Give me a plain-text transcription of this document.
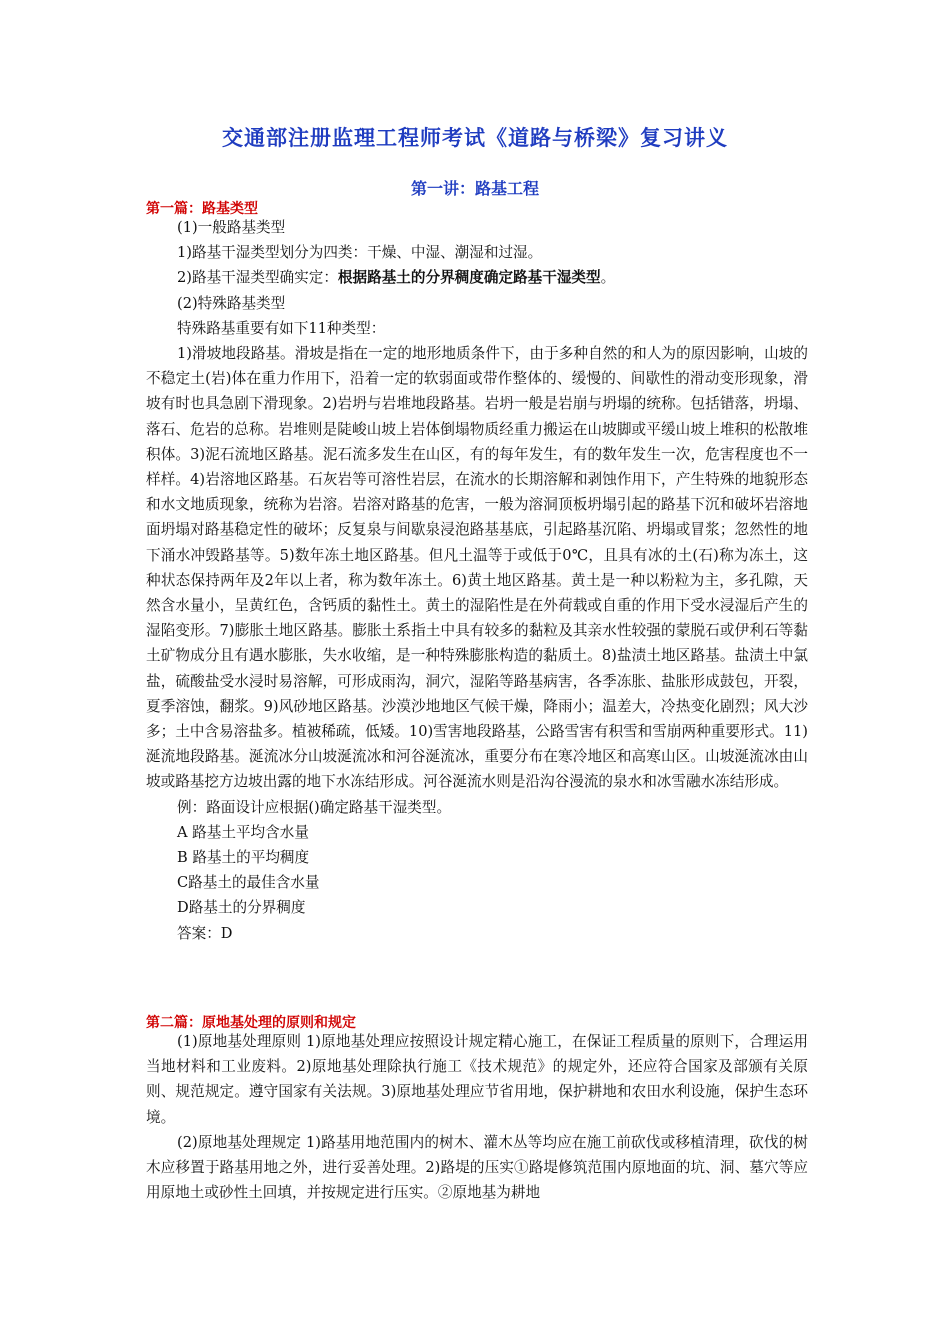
交通部注册监理工程师考试《道路与桥梁》复习讲义
第一讲：路基工程
第一篇：路基类型

(1)一般路基类型

1)路基干湿类型划分为四类：干燥、中湿、潮湿和过湿。

2)路基干湿类型确实定：根据路基土的分界稠度确定路基干湿类型。

(2)特殊路基类型

特殊路基重要有如下11种类型：

1)滑坡地段路基。滑坡是指在一定的地形地质条件下，由于多种自然的和人为的原因影响，山坡的不稳定土(岩)体在重力作用下，沿着一定的软弱面或带作整体的、缓慢的、间歇性的滑动变形现象，滑坡有时也具急剧下滑现象。2)岩坍与岩堆地段路基。岩坍一般是岩崩与坍塌的统称。包括错落，坍塌、落石、危岩的总称。岩堆则是陡峻山坡上岩体倒塌物质经重力搬运在山坡脚或平缓山坡上堆积的松散堆积体。3)泥石流地区路基。泥石流多发生在山区，有的每年发生，有的数年发生一次，危害程度也不一样样。4)岩溶地区路基。石灰岩等可溶性岩层，在流水的长期溶解和剥蚀作用下，产生特殊的地貌形态和水文地质现象，统称为岩溶。岩溶对路基的危害，一般为溶洞顶板坍塌引起的路基下沉和破坏岩溶地面坍塌对路基稳定性的破坏；反复泉与间歇泉浸泡路基基底，引起路基沉陷、坍塌或冒浆；忽然性的地下涌水冲毁路基等。5)数年冻土地区路基。但凡土温等于或低于0℃，且具有冰的土(石)称为冻土，这种状态保持两年及2年以上者，称为数年冻土。6)黄土地区路基。黄土是一种以粉粒为主，多孔隙，天然含水量小，呈黄红色，含钙质的黏性土。黄土的湿陷性是在外荷载或自重的作用下受水浸湿后产生的湿陷变形。7)膨胀土地区路基。膨胀土系指土中具有较多的黏粒及其亲水性较强的蒙脱石或伊利石等黏土矿物成分且有遇水膨胀，失水收缩，是一种特殊膨胀构造的黏质土。8)盐渍土地区路基。盐渍土中氯盐，硫酸盐受水浸时易溶解，可形成雨沟，洞穴，湿陷等路基病害，各季冻胀、盐胀形成鼓包，开裂，夏季溶蚀，翻浆。9)风砂地区路基。沙漠沙地地区气候干燥，降雨小；温差大，冷热变化剧烈；风大沙多；土中含易溶盐多。植被稀疏，低矮。10)雪害地段路基，公路雪害有积雪和雪崩两种重要形式。11)涎流地段路基。涎流冰分山坡涎流冰和河谷涎流冰，重要分布在寒冷地区和高寒山区。山坡涎流冰由山坡或路基挖方边坡出露的地下水冻结形成。河谷涎流水则是沿沟谷漫流的泉水和冰雪融水冻结形成。

例：路面设计应根据()确定路基干湿类型。

A 路基土平均含水量

B 路基土的平均稠度

C路基土的最佳含水量

D路基土的分界稠度

答案：D

第二篇：原地基处理的原则和规定

(1)原地基处理原则 1)原地基处理应按照设计规定精心施工，在保证工程质量的原则下，合理运用当地材料和工业废料。2)原地基处理除执行施工《技术规范》的规定外，还应符合国家及部颁有关原则、规范规定。遵守国家有关法规。3)原地基处理应节省用地，保护耕地和农田水利设施，保护生态环境。

(2)原地基处理规定 1)路基用地范围内的树木、灌木丛等均应在施工前砍伐或移植清理，砍伐的树木应移置于路基用地之外，进行妥善处理。2)路堤的压实①路堤修筑范围内原地面的坑、洞、墓穴等应用原地土或砂性土回填，并按规定进行压实。②原地基为耕地
